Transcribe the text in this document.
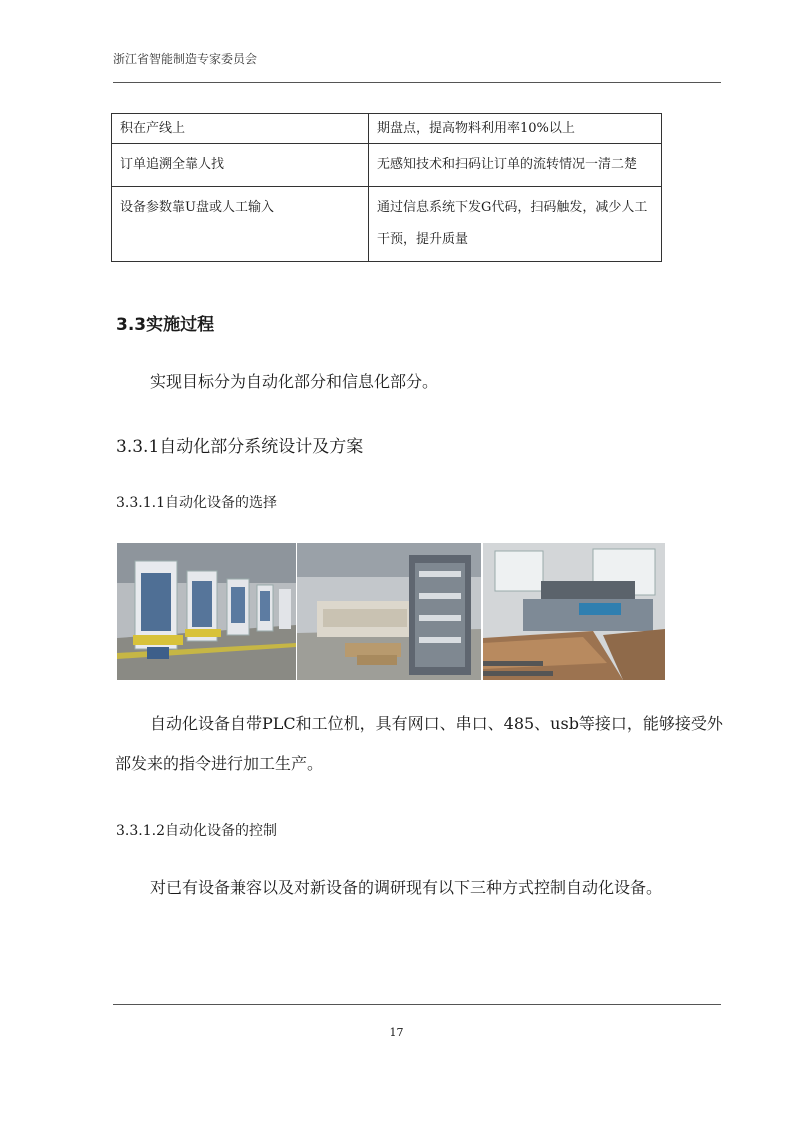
浙江省智能制造专家委员会
积在产线上	期盘点，提高物料利用率10%以上
订单追溯全靠人找	无感知技术和扫码让订单的流转情况一清二楚
设备参数靠U盘或人工输入	通过信息系统下发G代码，扫码触发，减少人工干预，提升质量
3.3实施过程
实现目标分为自动化部分和信息化部分。
3.3.1自动化部分系统设计及方案
3.3.1.1自动化设备的选择
自动化设备自带PLC和工位机，具有网口、串口、485、usb等接口，能够接受外部发来的指令进行加工生产。
3.3.1.2自动化设备的控制
对已有设备兼容以及对新设备的调研现有以下三种方式控制自动化设备。
17
